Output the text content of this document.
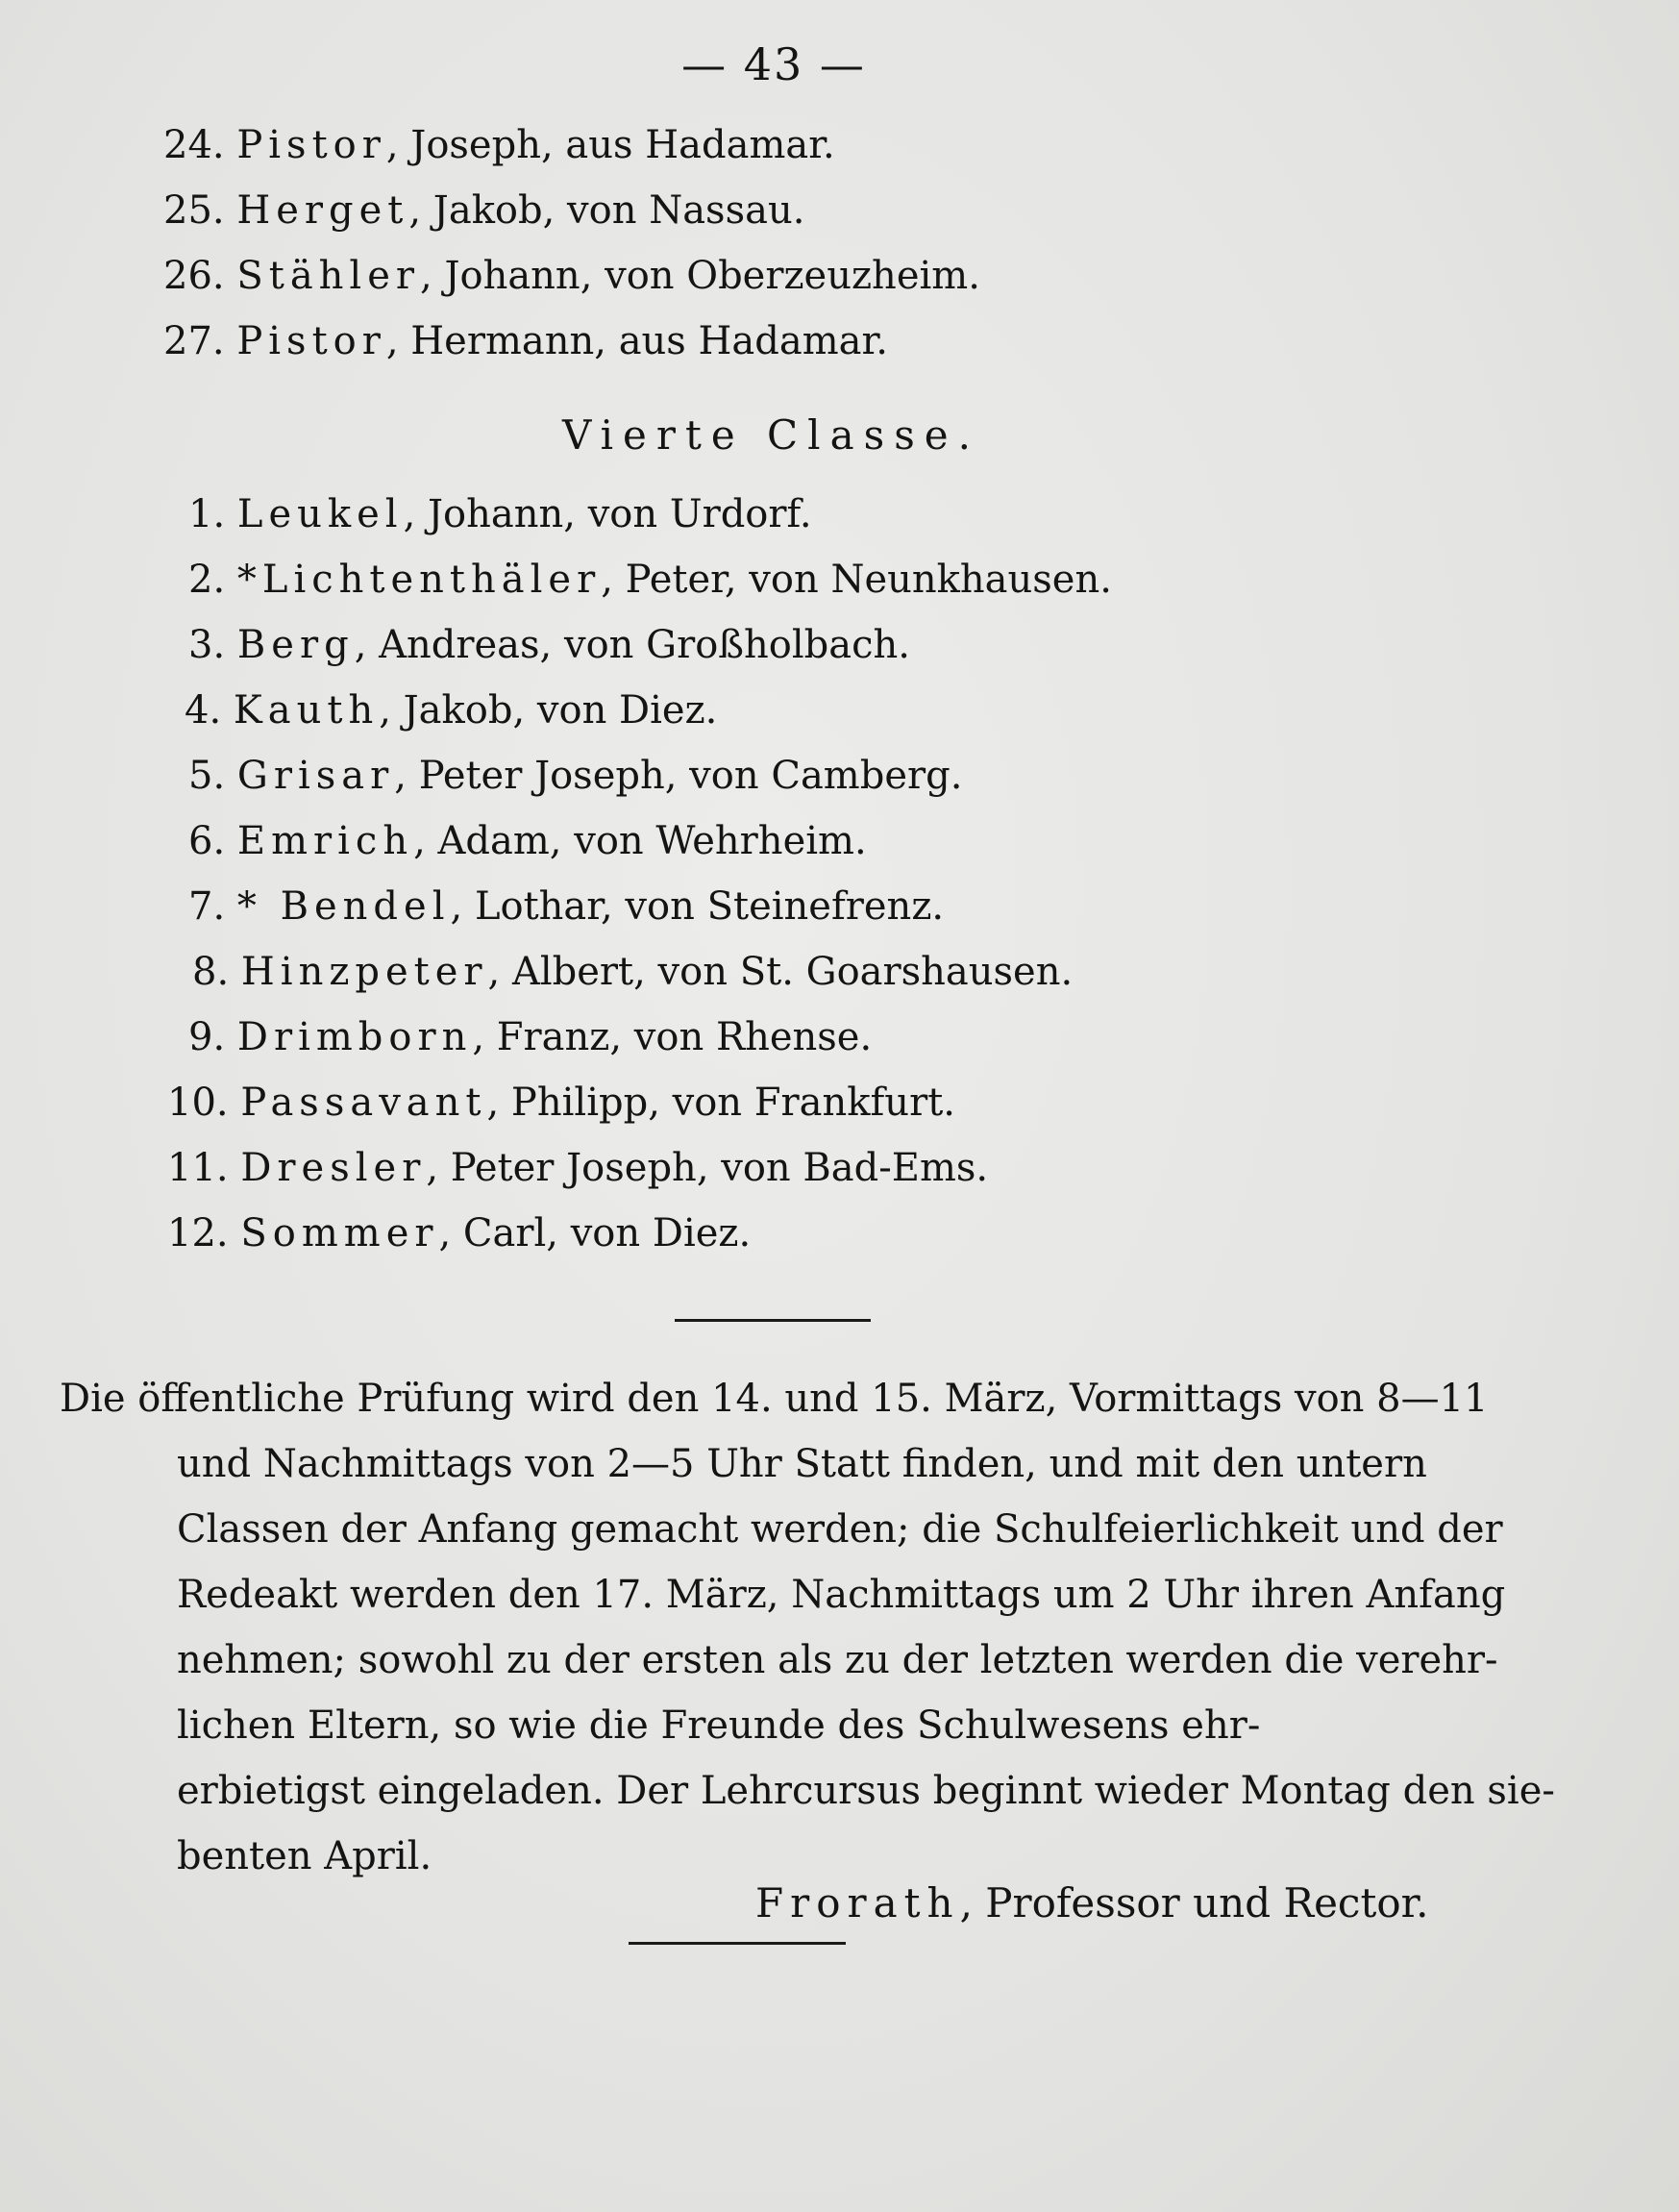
— 43 —
24. Pistor, Joseph, aus Hadamar.
25. Herget, Jakob, von Nassau.
26. Stähler, Johann, von Oberzeuzheim.
27. Pistor, Hermann, aus Hadamar.
Vierte Classe.
1. Leukel, Johann, von Urdorf.
2. *Lichtenthäler, Peter, von Neunkhausen.
3. Berg, Andreas, von Großholbach.
4. Kauth, Jakob, von Diez.
5. Grisar, Peter Joseph, von Camberg.
6. Emrich, Adam, von Wehrheim.
7. * Bendel, Lothar, von Steinefrenz.
8. Hinzpeter, Albert, von St. Goarshausen.
9. Drimborn, Franz, von Rhense.
10. Passavant, Philipp, von Frankfurt.
11. Dresler, Peter Joseph, von Bad-Ems.
12. Sommer, Carl, von Diez.
Die öffentliche Prüfung wird den 14. und 15. März, Vormittags von 8—11
und Nachmittags von 2—5 Uhr Statt finden, und mit den untern
Classen der Anfang gemacht werden; die Schulfeierlichkeit und der
Redeakt werden den 17. März, Nachmittags um 2 Uhr ihren Anfang
nehmen; sowohl zu der ersten als zu der letzten werden die verehr-
lichen Eltern, so wie die Freunde des Schulwesens ehr-
erbietigst eingeladen. Der Lehrcursus beginnt wieder Montag den sie-
benten April.
Frorath, Professor und Rector.
